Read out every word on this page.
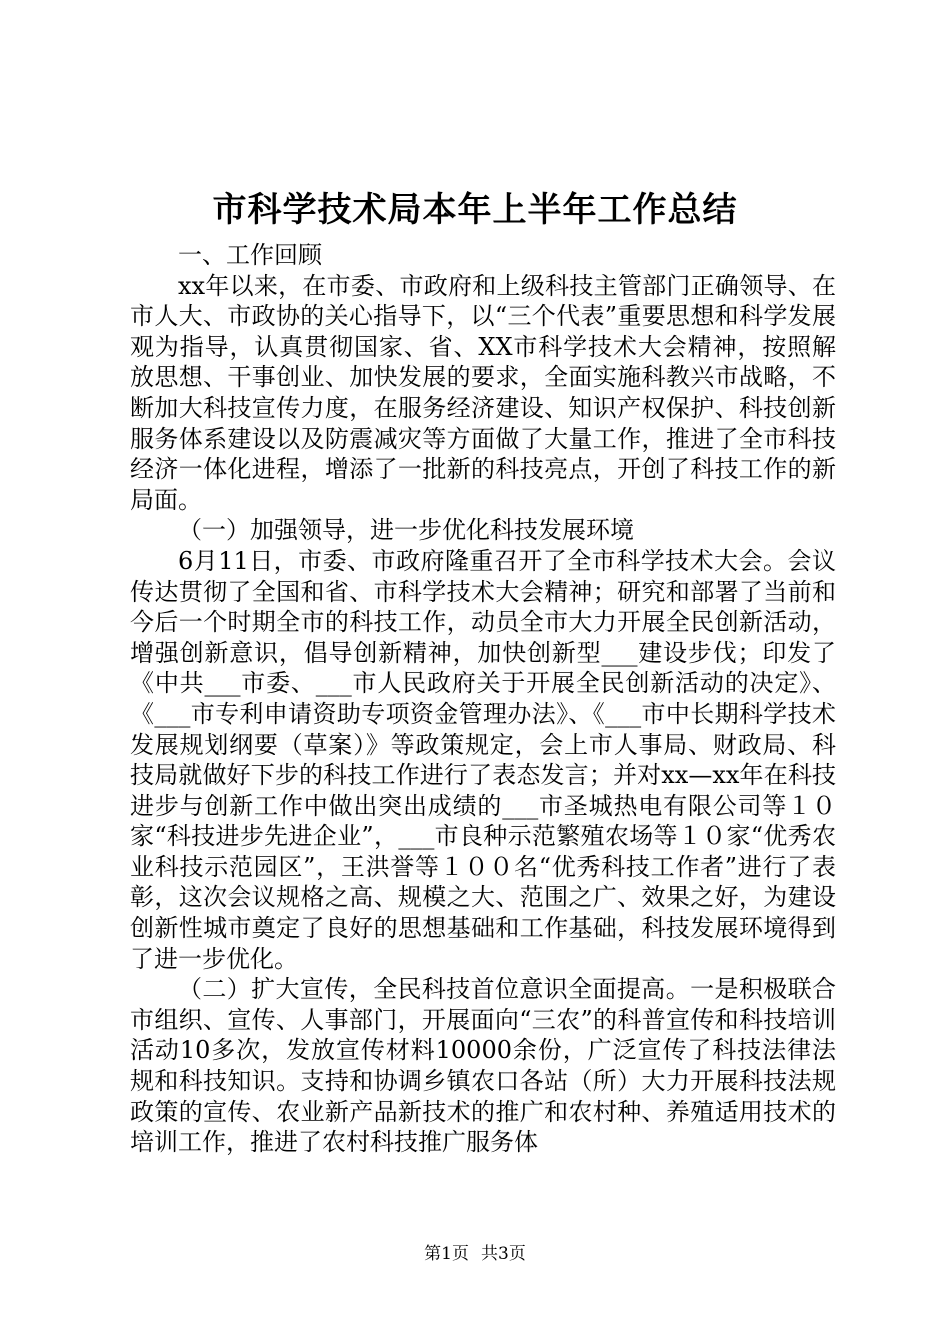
市科学技术局本年上半年工作总结

一、工作回顾

xx年以来，在市委、市政府和上级科技主管部门正确领导、在市人大、市政协的关心指导下，以“三个代表”重要思想和科学发展观为指导，认真贯彻国家、省、XX市科学技术大会精神，按照解放思想、干事创业、加快发展的要求，全面实施科教兴市战略，不断加大科技宣传力度，在服务经济建设、知识产权保护、科技创新服务体系建设以及防震减灾等方面做了大量工作，推进了全市科技经济一体化进程，增添了一批新的科技亮点，开创了科技工作的新局面。

（一）加强领导，进一步优化科技发展环境

6月11日，市委、市政府隆重召开了全市科学技术大会。会议传达贯彻了全国和省、市科学技术大会精神；研究和部署了当前和今后一个时期全市的科技工作，动员全市大力开展全民创新活动，增强创新意识，倡导创新精神，加快创新型___建设步伐；印发了《中共___市委、___市人民政府关于开展全民创新活动的决定》、《___市专利申请资助专项资金管理办法》、《___市中长期科学技术发展规划纲要（草案）》等政策规定，会上市人事局、财政局、科技局就做好下步的科技工作进行了表态发言；并对xx—xx年在科技进步与创新工作中做出突出成绩的___市圣城热电有限公司等１０家“科技进步先进企业”，___市良种示范繁殖农场等１０家“优秀农业科技示范园区”，王洪誉等１００名“优秀科技工作者”进行了表彰，这次会议规格之高、规模之大、范围之广、效果之好，为建设创新性城市奠定了良好的思想基础和工作基础，科技发展环境得到了进一步优化。

（二）扩大宣传，全民科技首位意识全面提高。一是积极联合市组织、宣传、人事部门，开展面向“三农”的科普宣传和科技培训活动10多次，发放宣传材料10000余份，广泛宣传了科技法律法规和科技知识。支持和协调乡镇农口各站（所）大力开展科技法规政策的宣传、农业新产品新技术的推广和农村种、养殖适用技术的培训工作，推进了农村科技推广服务体

第1页 共3页
